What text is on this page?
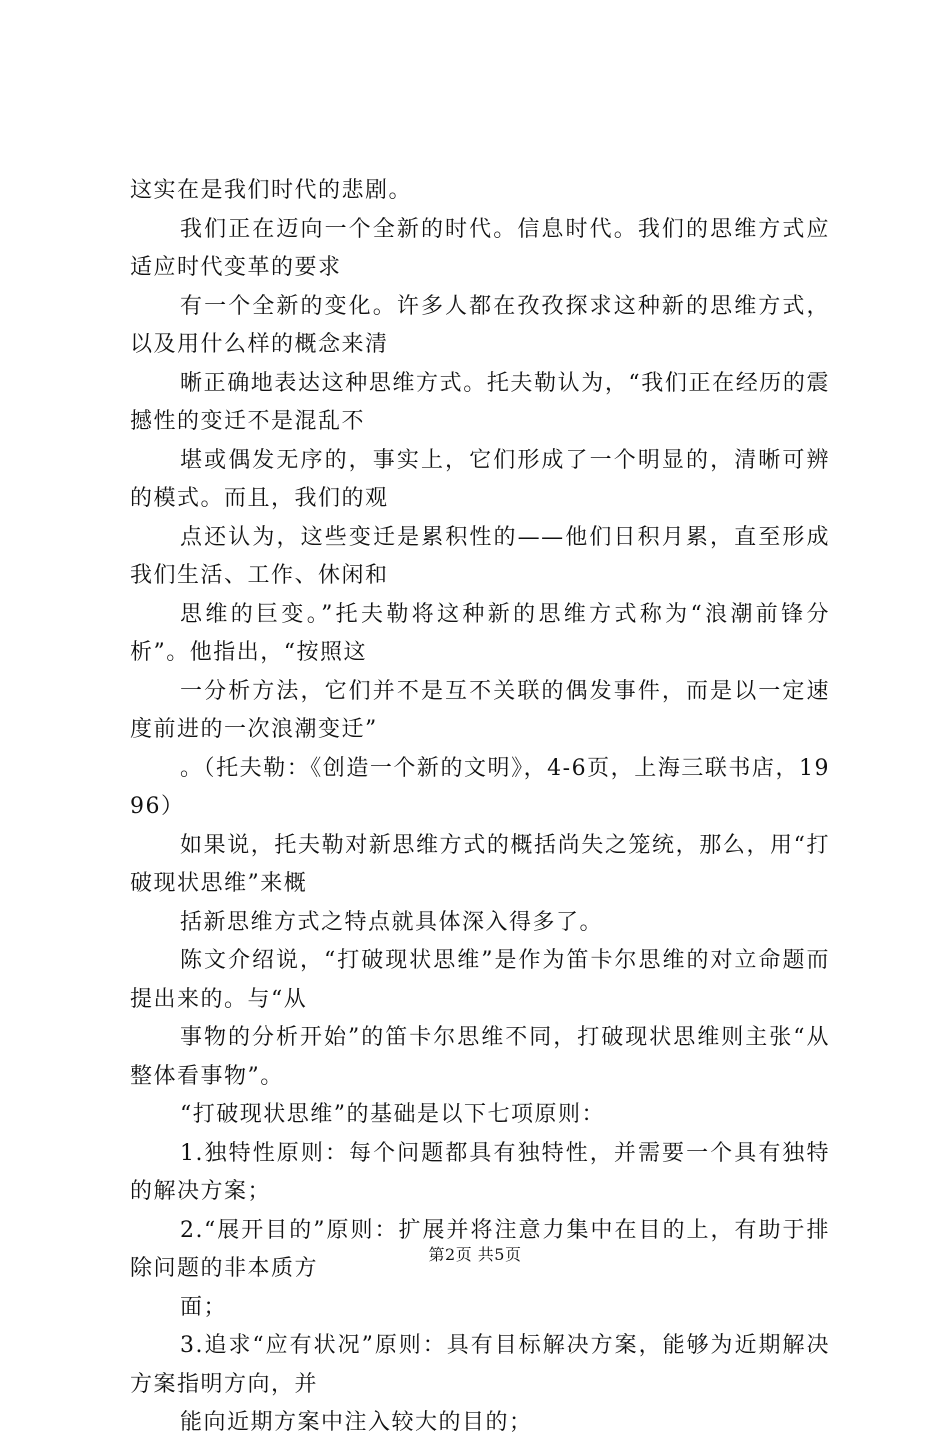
这实在是我们时代的悲剧。

我们正在迈向一个全新的时代。信息时代。我们的思维方式应适应时代变革的要求

有一个全新的变化。许多人都在孜孜探求这种新的思维方式，以及用什么样的概念来清

晰正确地表达这种思维方式。托夫勒认为，“我们正在经历的震撼性的变迁不是混乱不

堪或偶发无序的，事实上，它们形成了一个明显的，清晰可辨的模式。而且，我们的观

点还认为，这些变迁是累积性的——他们日积月累，直至形成我们生活、工作、休闲和

思维的巨变。”托夫勒将这种新的思维方式称为“浪潮前锋分析”。他指出，“按照这

一分析方法，它们并不是互不关联的偶发事件，而是以一定速度前进的一次浪潮变迁”

。（托夫勒：《创造一个新的文明》，4-6页，上海三联书店，1996）

如果说，托夫勒对新思维方式的概括尚失之笼统，那么，用“打破现状思维”来概

括新思维方式之特点就具体深入得多了。

陈文介绍说，“打破现状思维”是作为笛卡尔思维的对立命题而提出来的。与“从

事物的分析开始”的笛卡尔思维不同，打破现状思维则主张“从整体看事物”。

“打破现状思维”的基础是以下七项原则：

1.独特性原则：每个问题都具有独特性，并需要一个具有独特的解决方案；

2.“展开目的”原则：扩展并将注意力集中在目的上，有助于排除问题的非本质方

面；

3.追求“应有状况”原则：具有目标解决方案，能够为近期解决方案指明方向，并

能向近期方案中注入较大的目的；

第2页 共5页
